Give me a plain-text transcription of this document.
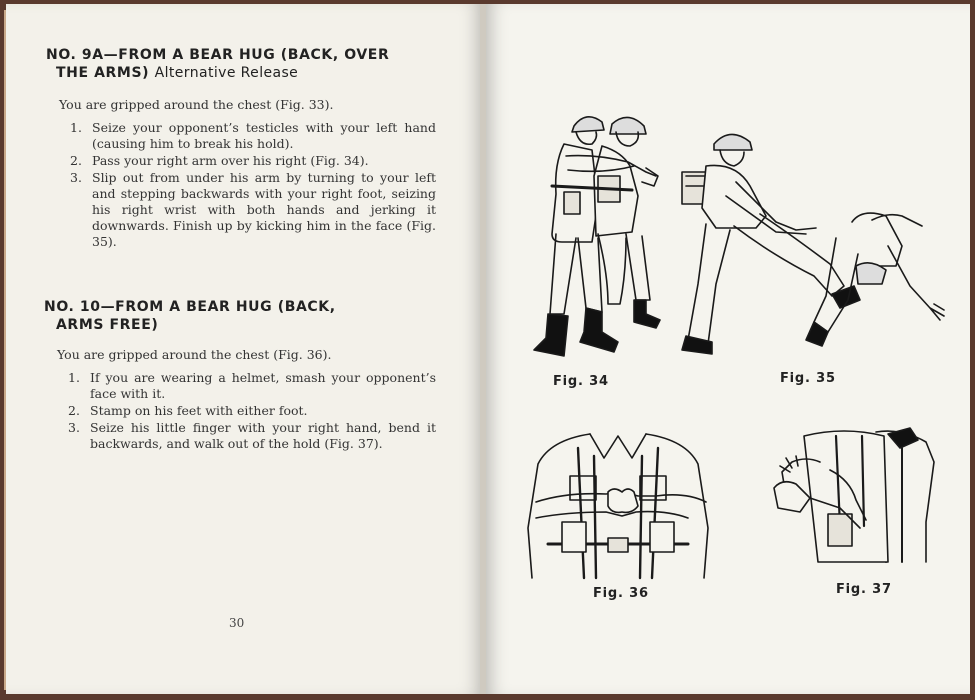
NO. 9A—FROM A BEAR HUG (BACK, OVER
THE ARMS) Alternative Release

You are gripped around the chest (Fig. 33).

1. Seize your opponent’s testicles with your left hand (causing him to break his hold).
2. Pass your right arm over his right (Fig. 34).
3. Slip out from under his arm by turning to your left and stepping backwards with your right foot, seizing his right wrist with both hands and jerking it downwards. Finish up by kicking him in the face (Fig. 35).
NO. 10—FROM A BEAR HUG (BACK,
ARMS FREE)

You are gripped around the chest (Fig. 36).

1. If you are wearing a helmet, smash your opponent’s face with it.
2. Stamp on his feet with either foot.
3. Seize his little finger with your right hand, bend it backwards, and walk out of the hold (Fig. 37).
30
Fig. 34	Fig. 35
Fig. 36	Fig. 37
